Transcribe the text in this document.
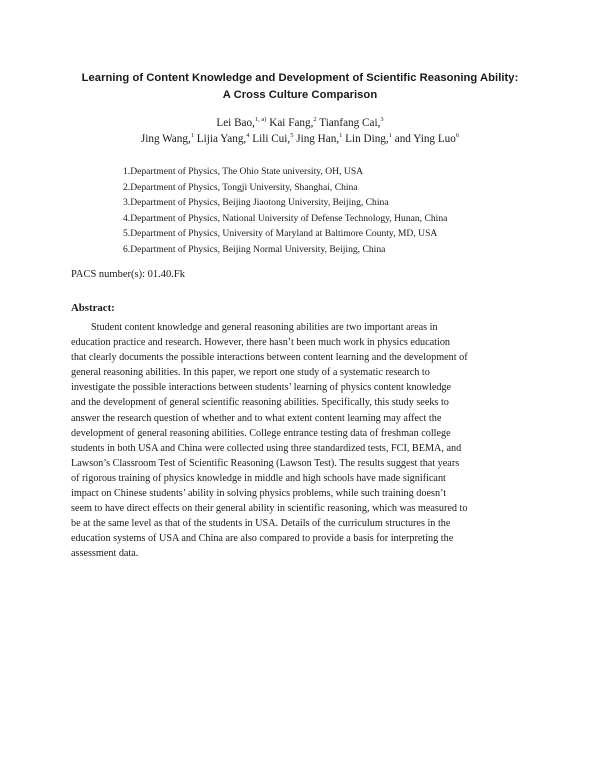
Learning of Content Knowledge and Development of Scientific Reasoning Ability:
A Cross Culture Comparison
Lei Bao,$^{1, a)}$ Kai Fang,$^2$ Tianfang Cai,$^3$
Jing Wang,$^1$ Lijia Yang,$^4$ Lili Cui,$^5$ Jing Han,$^1$ Lin Ding,$^1$ and Ying Luo$^6$
1.Department of Physics, The Ohio State university, OH, USA
2.Department of Physics, Tongji University, Shanghai, China
3.Department of Physics, Beijing Jiaotong University, Beijing, China
4.Department of Physics, National University of Defense Technology, Hunan, China
5.Department of Physics, University of Maryland at Baltimore County, MD, USA
6.Department of Physics, Beijing Normal University, Beijing, China
PACS number(s): 01.40.Fk
Abstract:
Student content knowledge and general reasoning abilities are two important areas in
education practice and research. However, there hasn’t been much work in physics education
that clearly documents the possible interactions between content learning and the development of
general reasoning abilities. In this paper, we report one study of a systematic research to
investigate the possible interactions between students’ learning of physics content knowledge
and the development of general scientific reasoning abilities. Specifically, this study seeks to
answer the research question of whether and to what extent content learning may affect the
development of general reasoning abilities. College entrance testing data of freshman college
students in both USA and China were collected using three standardized tests, FCI, BEMA, and
Lawson’s Classroom Test of Scientific Reasoning (Lawson Test). The results suggest that years
of rigorous training of physics knowledge in middle and high schools have made significant
impact on Chinese students’ ability in solving physics problems, while such training doesn’t
seem to have direct effects on their general ability in scientific reasoning, which was measured to
be at the same level as that of the students in USA. Details of the curriculum structures in the
education systems of USA and China are also compared to provide a basis for interpreting the
assessment data.
